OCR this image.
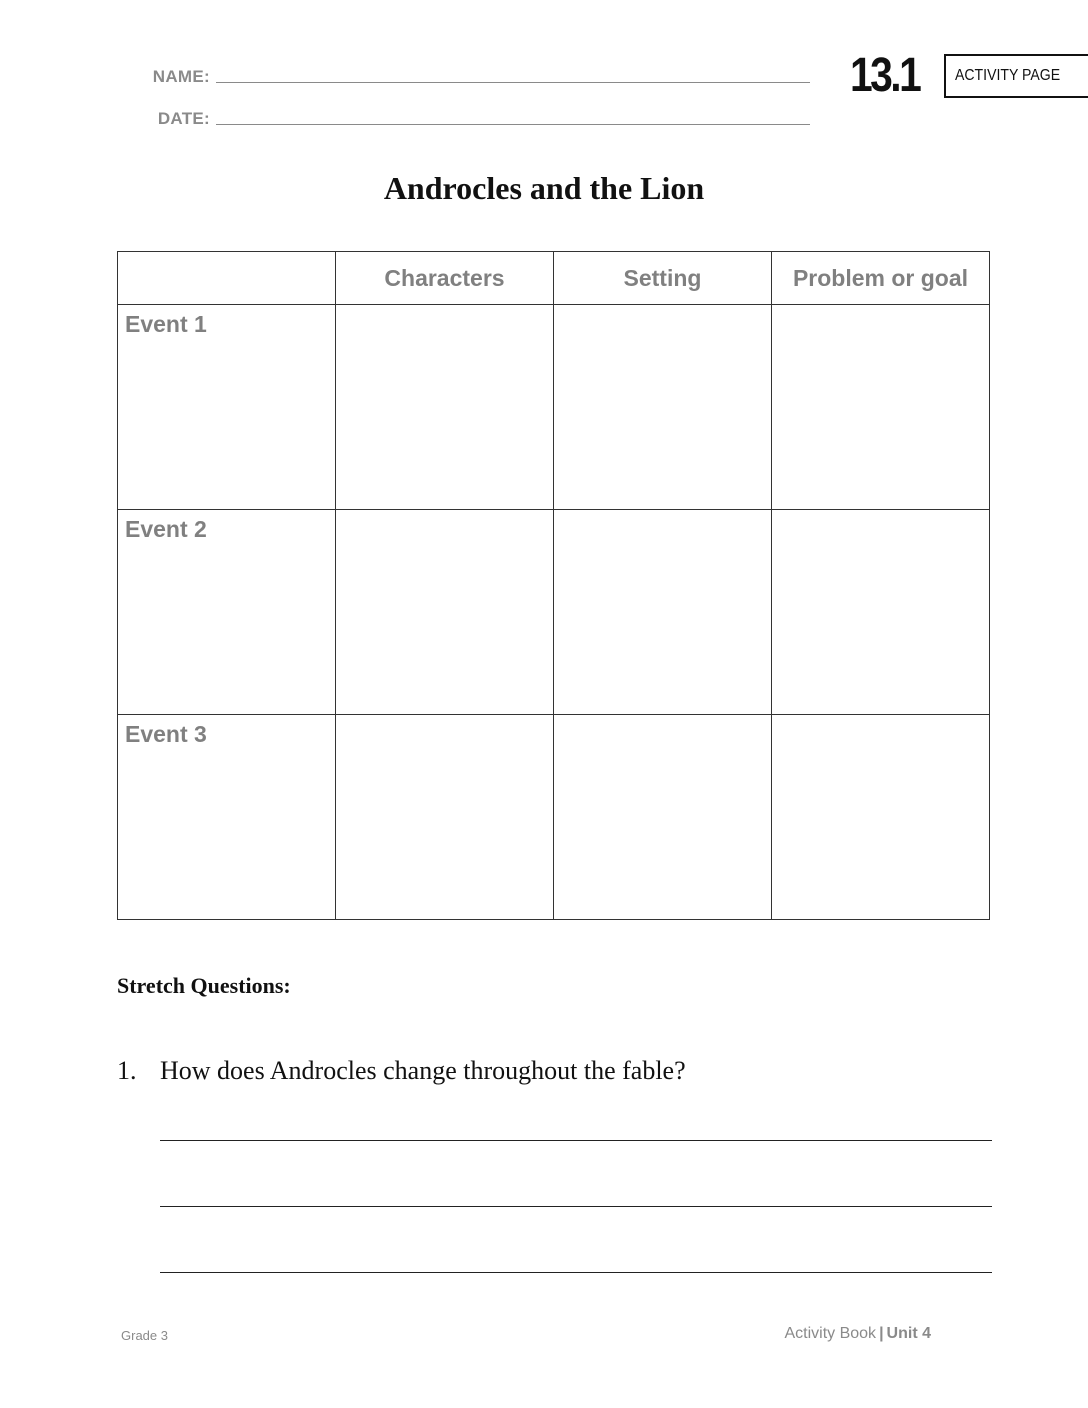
NAME:
DATE:
13.1	ACTIVITY PAGE
Androcles and the Lion
	Characters	Setting	Problem or goal
Event 1			
Event 2			
Event 3			
Stretch Questions:
1. How does Androcles change throughout the fable?
Grade 3	Activity Book | Unit 4
